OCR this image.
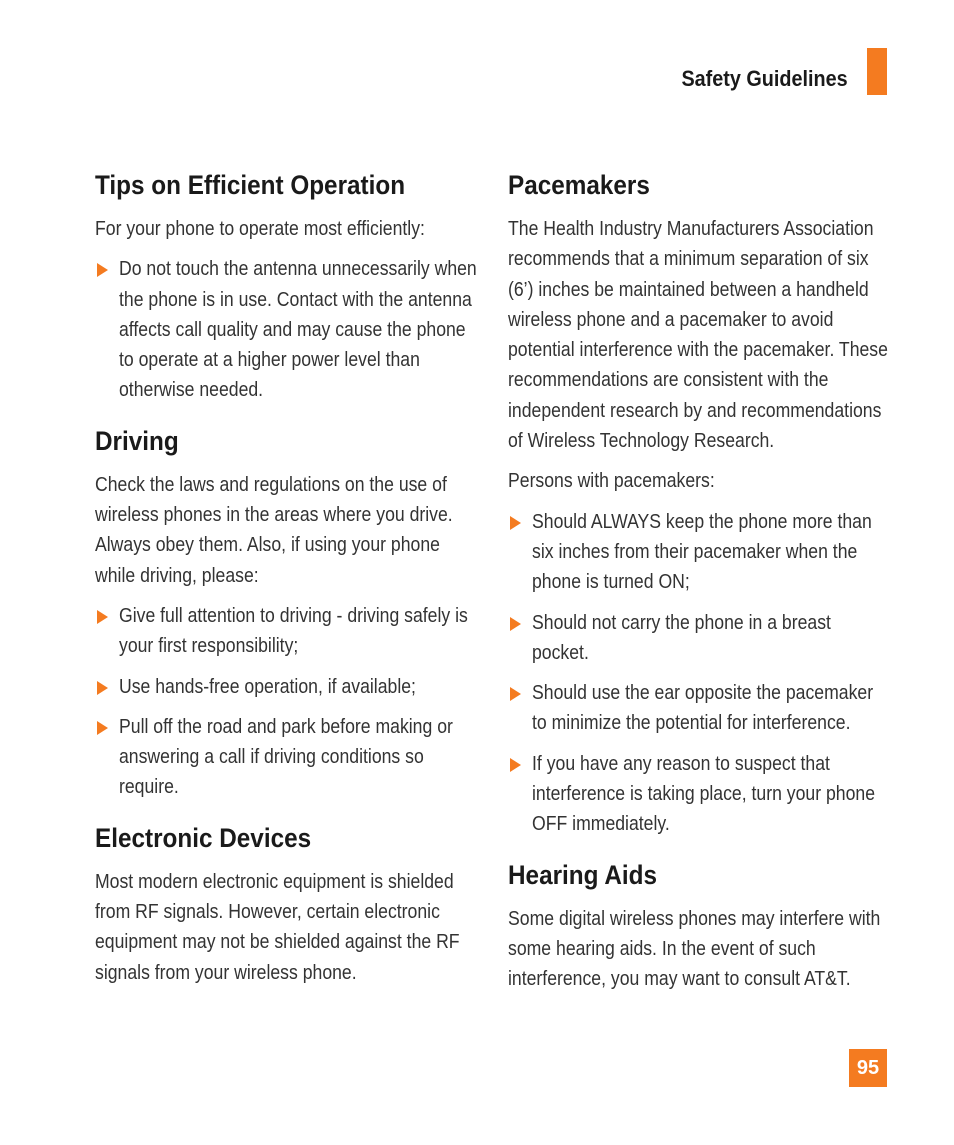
Safety Guidelines
Tips on Efficient Operation

For your phone to operate most efficiently:

Do not touch the antenna unnecessarily when the phone is in use. Contact with the antenna affects call quality and may cause the phone to operate at a higher power level than otherwise needed.
Driving

Check the laws and regulations on the use of wireless phones in the areas where you drive. Always obey them. Also, if using your phone while driving, please:

Give full attention to driving - driving safely is your first responsibility;
Use hands-free operation, if available;
Pull off the road and park before making or answering a call if driving conditions so require.
Electronic Devices

Most modern electronic equipment is shielded from RF signals. However, certain electronic equipment may not be shielded against the RF signals from your wireless phone.

Pacemakers

The Health Industry Manufacturers Association recommends that a minimum separation of six (6’) inches be maintained between a handheld wireless phone and a pacemaker to avoid potential interference with the pacemaker. These recommendations are consistent with the independent research by and recommendations of Wireless Technology Research.

Persons with pacemakers:

Should ALWAYS keep the phone more than six inches from their pacemaker when the phone is turned ON;
Should not carry the phone in a breast pocket.
Should use the ear opposite the pacemaker to minimize the potential for interference.
If you have any reason to suspect that interference is taking place, turn your phone OFF immediately.
Hearing Aids

Some digital wireless phones may interfere with some hearing aids. In the event of such interference, you may want to consult AT&T.

95
